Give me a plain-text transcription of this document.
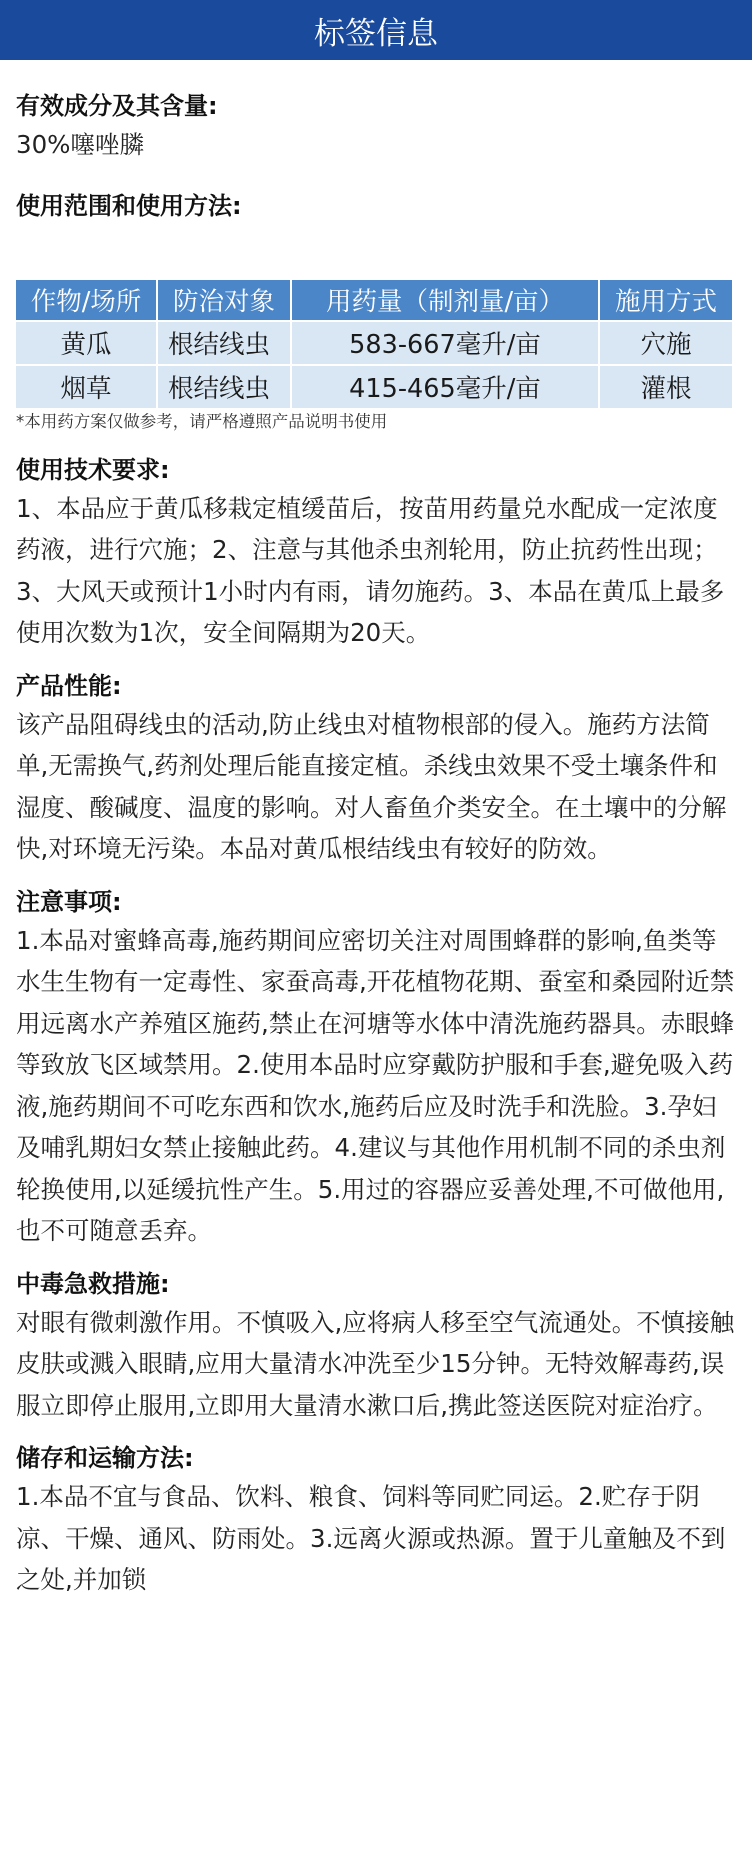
标签信息
有效成分及其含量:
30%噻唑膦
使用范围和使用方法:
作物/场所	防治对象	用药量（制剂量/亩）	施用方式
黄瓜	根结线虫	583-667毫升/亩	穴施
烟草	根结线虫	415-465毫升/亩	灌根
*本用药方案仅做参考，请严格遵照产品说明书使用
使用技术要求:
1、本品应于黄瓜移栽定植缓苗后，按苗用药量兑水配成一定浓度药液，进行穴施；2、注意与其他杀虫剂轮用，防止抗药性出现；3、大风天或预计1小时内有雨，请勿施药。3、本品在黄瓜上最多使用次数为1次，安全间隔期为20天。
产品性能:
该产品阻碍线虫的活动,防止线虫对植物根部的侵入。施药方法简单,无需换气,药剂处理后能直接定植。杀线虫效果不受土壤条件和湿度、酸碱度、温度的影响。对人畜鱼介类安全。在土壤中的分解快,对环境无污染。本品对黄瓜根结线虫有较好的防效。
注意事项:
1.本品对蜜蜂高毒,施药期间应密切关注对周围蜂群的影响,鱼类等水生生物有一定毒性、家蚕高毒,开花植物花期、蚕室和桑园附近禁用远离水产养殖区施药,禁止在河塘等水体中清洗施药器具。赤眼蜂等致放飞区域禁用。2.使用本品时应穿戴防护服和手套,避免吸入药液,施药期间不可吃东西和饮水,施药后应及时洗手和洗脸。3.孕妇及哺乳期妇女禁止接触此药。4.建议与其他作用机制不同的杀虫剂轮换使用,以延缓抗性产生。5.用过的容器应妥善处理,不可做他用,也不可随意丢弃。
中毒急救措施:
对眼有微刺激作用。不慎吸入,应将病人移至空气流通处。不慎接触皮肤或溅入眼睛,应用大量清水冲洗至少15分钟。无特效解毒药,误服立即停止服用,立即用大量清水漱口后,携此签送医院对症治疗。
储存和运输方法:
1.本品不宜与食品、饮料、粮食、饲料等同贮同运。2.贮存于阴凉、干燥、通风、防雨处。3.远离火源或热源。置于儿童触及不到之处,并加锁
